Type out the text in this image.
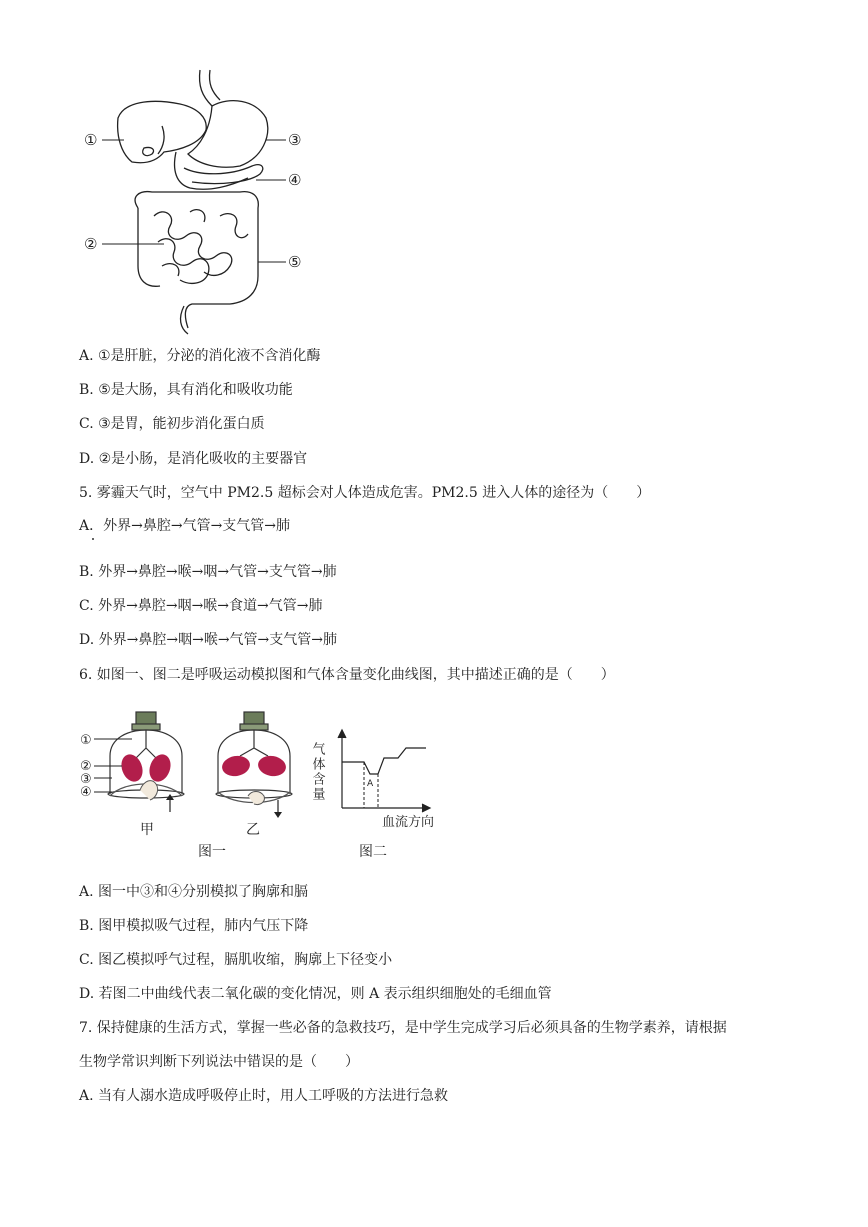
①
②
③
④
⑤
A. ①是肝脏，分泌的消化液不含消化酶
B. ⑤是大肠，具有消化和吸收功能
C. ③是胃，能初步消化蛋白质
D. ②是小肠，是消化吸收的主要器官
5. 雾霾天气时，空气中 PM2.5 超标会对人体造成危害。PM2.5 进入人体的途径为（　　）
A．外界→鼻腔→气管→支气管→肺
B. 外界→鼻腔→喉→咽→气管→支气管→肺
C. 外界→鼻腔→咽→喉→食道→气管→肺
D. 外界→鼻腔→咽→喉→气管→支气管→肺
6. 如图一、图二是呼吸运动模拟图和气体含量变化曲线图，其中描述正确的是（　　）
①
②
③
④
甲	乙
A
气体含量
血流方向
图一	图二
A. 图一中③和④分别模拟了胸廓和膈
B. 图甲模拟吸气过程，肺内气压下降
C. 图乙模拟呼气过程，膈肌收缩，胸廓上下径变小
D. 若图二中曲线代表二氧化碳的变化情况，则 A 表示组织细胞处的毛细血管
7. 保持健康的生活方式，掌握一些必备的急救技巧，是中学生完成学习后必须具备的生物学素养，请根据
生物学常识判断下列说法中错误的是（　　）
A. 当有人溺水造成呼吸停止时，用人工呼吸的方法进行急救
